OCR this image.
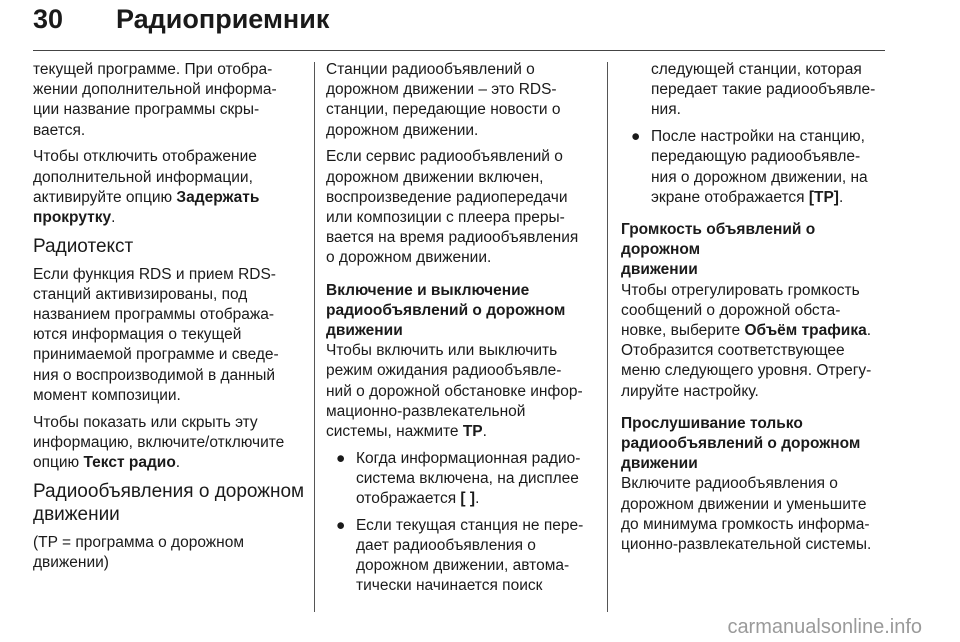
30 Радиоприемник

текущей программе. При отобра-
жении дополнительной информа-
ции название программы скры-
вается.

Чтобы отключить отображение
дополнительной информации,
активируйте опцию Задержать
прокрутку.

Радиотекст

Если функция RDS и прием RDS-
станций активизированы, под
названием программы отобража-
ются информация о текущей
принимаемой программе и сведе-
ния о воспроизводимой в данный
момент композиции.

Чтобы показать или скрыть эту
информацию, включите/отключите
опцию Текст радио.

Радиообъявления о дорожном
движении

(TP = программа о дорожном
движении)

Станции радиообъявлений о
дорожном движении – это RDS-
станции, передающие новости о
дорожном движении.

Если сервис радиообъявлений о
дорожном движении включен,
воспроизведение радиопередачи
или композиции с плеера преры-
вается на время радиообъявления
о дорожном движении.

Включение и выключение
радиообъявлений о дорожном
движении

Чтобы включить или выключить
режим ожидания радиообъявле-
ний о дорожной обстановке инфор-
мационно-развлекательной
системы, нажмите TP.

● Когда информационная радио-
система включена, на дисплее
отображается [ ].
● Если текущая станция не пере-
дает радиообъявления о
дорожном движении, автома-
тически начинается поиск

следующей станции, которая
передает такие радиообъявле-
ния.

● После настройки на станцию,
передающую радиообъявле-
ния о дорожном движении, на
экране отображается [TP].
Громкость объявлений о дорожном
движении

Чтобы отрегулировать громкость
сообщений о дорожной обста-
новке, выберите Объём трафика.
Отобразится соответствующее
меню следующего уровня. Отрегу-
лируйте настройку.

Прослушивание только
радиообъявлений о дорожном
движении

Включите радиообъявления о
дорожном движении и уменьшите
до минимума громкость информа-
ционно-развлекательной системы.

carmanualsonline.info
